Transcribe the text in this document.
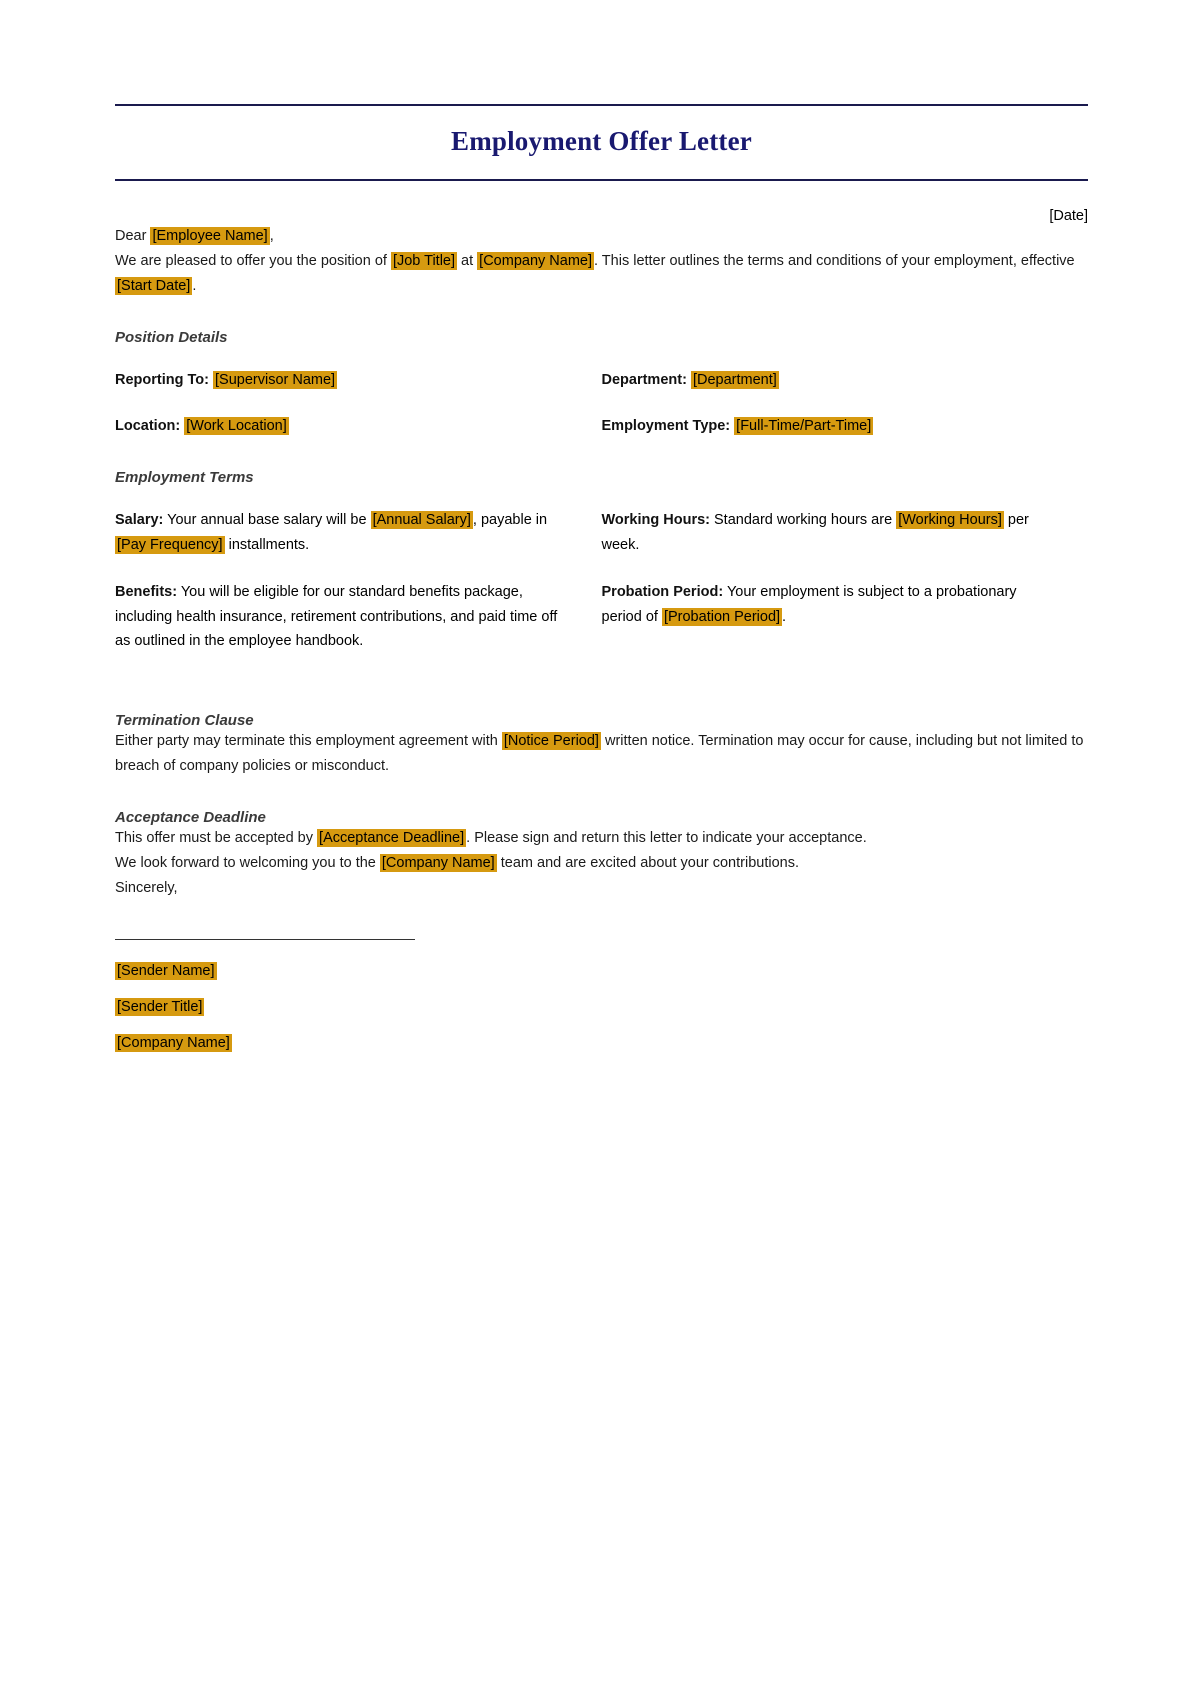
Employment Offer Letter
[Date]

Dear [Employee Name] ,

We are pleased to offer you the position of [Job Title] at [Company Name] . This letter outlines the terms and conditions of your employment, effective [Start Date] .

Position Details
Reporting To: [Supervisor Name]
Location: [Work Location]
Department: [Department]
Employment Type: [Full-Time/Part-Time]
Employment Terms

Salary: Your annual base salary will be [Annual Salary] , payable in [Pay Frequency] installments.

Benefits: You will be eligible for our standard benefits package, including health insurance, retirement contributions, and paid time off as outlined in the employee handbook.

Working Hours: Standard working hours are [Working Hours] per week.

Probation Period: Your employment is subject to a probationary period of [Probation Period] .

Termination Clause

Either party may terminate this employment agreement with [Notice Period] written notice. Termination may occur for cause, including but not limited to breach of company policies or misconduct.

Acceptance Deadline

This offer must be accepted by [Acceptance Deadline] . Please sign and return this letter to indicate your acceptance.

We look forward to welcoming you to the [Company Name] team and are excited about your contributions.

Sincerely,

[Sender Name]
[Sender Title]
[Company Name]
